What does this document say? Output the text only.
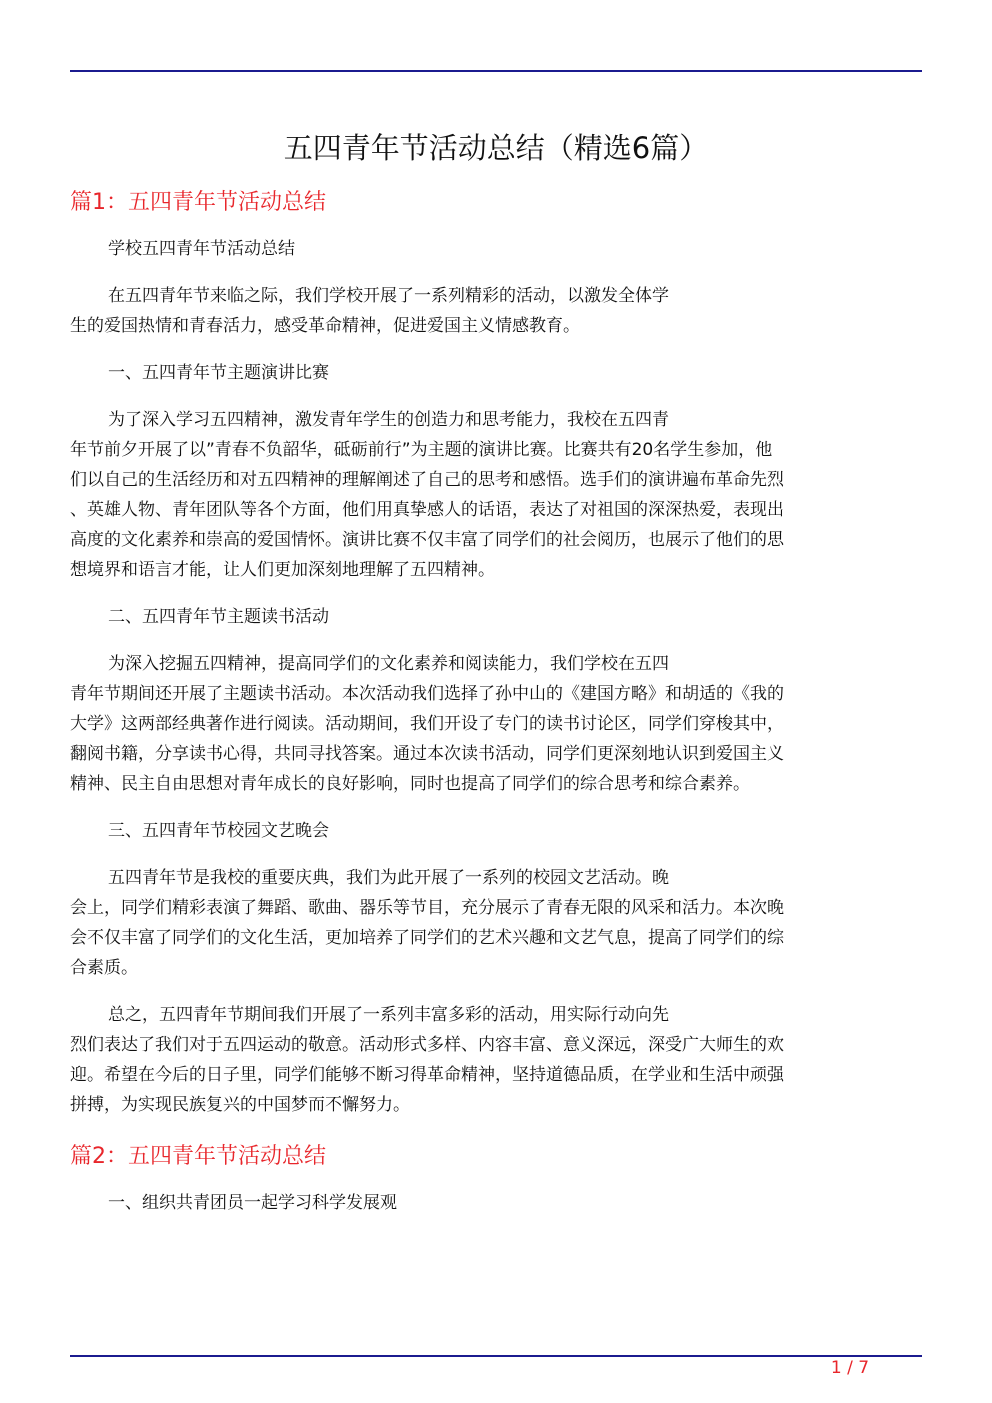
五四青年节活动总结（精选6篇）
篇1：五四青年节活动总结
学校五四青年节活动总结
在五四青年节来临之际，我们学校开展了一系列精彩的活动，以激发全体学
生的爱国热情和青春活力，感受革命精神，促进爱国主义情感教育。
一、五四青年节主题演讲比赛
为了深入学习五四精神，激发青年学生的创造力和思考能力，我校在五四青
年节前夕开展了以”青春不负韶华，砥砺前行”为主题的演讲比赛。比赛共有20名学生参加，他
们以自己的生活经历和对五四精神的理解阐述了自己的思考和感悟。选手们的演讲遍布革命先烈
、英雄人物、青年团队等各个方面，他们用真挚感人的话语，表达了对祖国的深深热爱，表现出
高度的文化素养和崇高的爱国情怀。演讲比赛不仅丰富了同学们的社会阅历，也展示了他们的思
想境界和语言才能，让人们更加深刻地理解了五四精神。
二、五四青年节主题读书活动
为深入挖掘五四精神，提高同学们的文化素养和阅读能力，我们学校在五四
青年节期间还开展了主题读书活动。本次活动我们选择了孙中山的《建国方略》和胡适的《我的
大学》这两部经典著作进行阅读。活动期间，我们开设了专门的读书讨论区，同学们穿梭其中，
翻阅书籍，分享读书心得，共同寻找答案。通过本次读书活动，同学们更深刻地认识到爱国主义
精神、民主自由思想对青年成长的良好影响，同时也提高了同学们的综合思考和综合素养。
三、五四青年节校园文艺晚会
五四青年节是我校的重要庆典，我们为此开展了一系列的校园文艺活动。晚
会上，同学们精彩表演了舞蹈、歌曲、器乐等节目，充分展示了青春无限的风采和活力。本次晚
会不仅丰富了同学们的文化生活，更加培养了同学们的艺术兴趣和文艺气息，提高了同学们的综
合素质。
总之，五四青年节期间我们开展了一系列丰富多彩的活动，用实际行动向先
烈们表达了我们对于五四运动的敬意。活动形式多样、内容丰富、意义深远，深受广大师生的欢
迎。希望在今后的日子里，同学们能够不断习得革命精神，坚持道德品质，在学业和生活中顽强
拼搏，为实现民族复兴的中国梦而不懈努力。
篇2：五四青年节活动总结
一、组织共青团员一起学习科学发展观
1 / 7
